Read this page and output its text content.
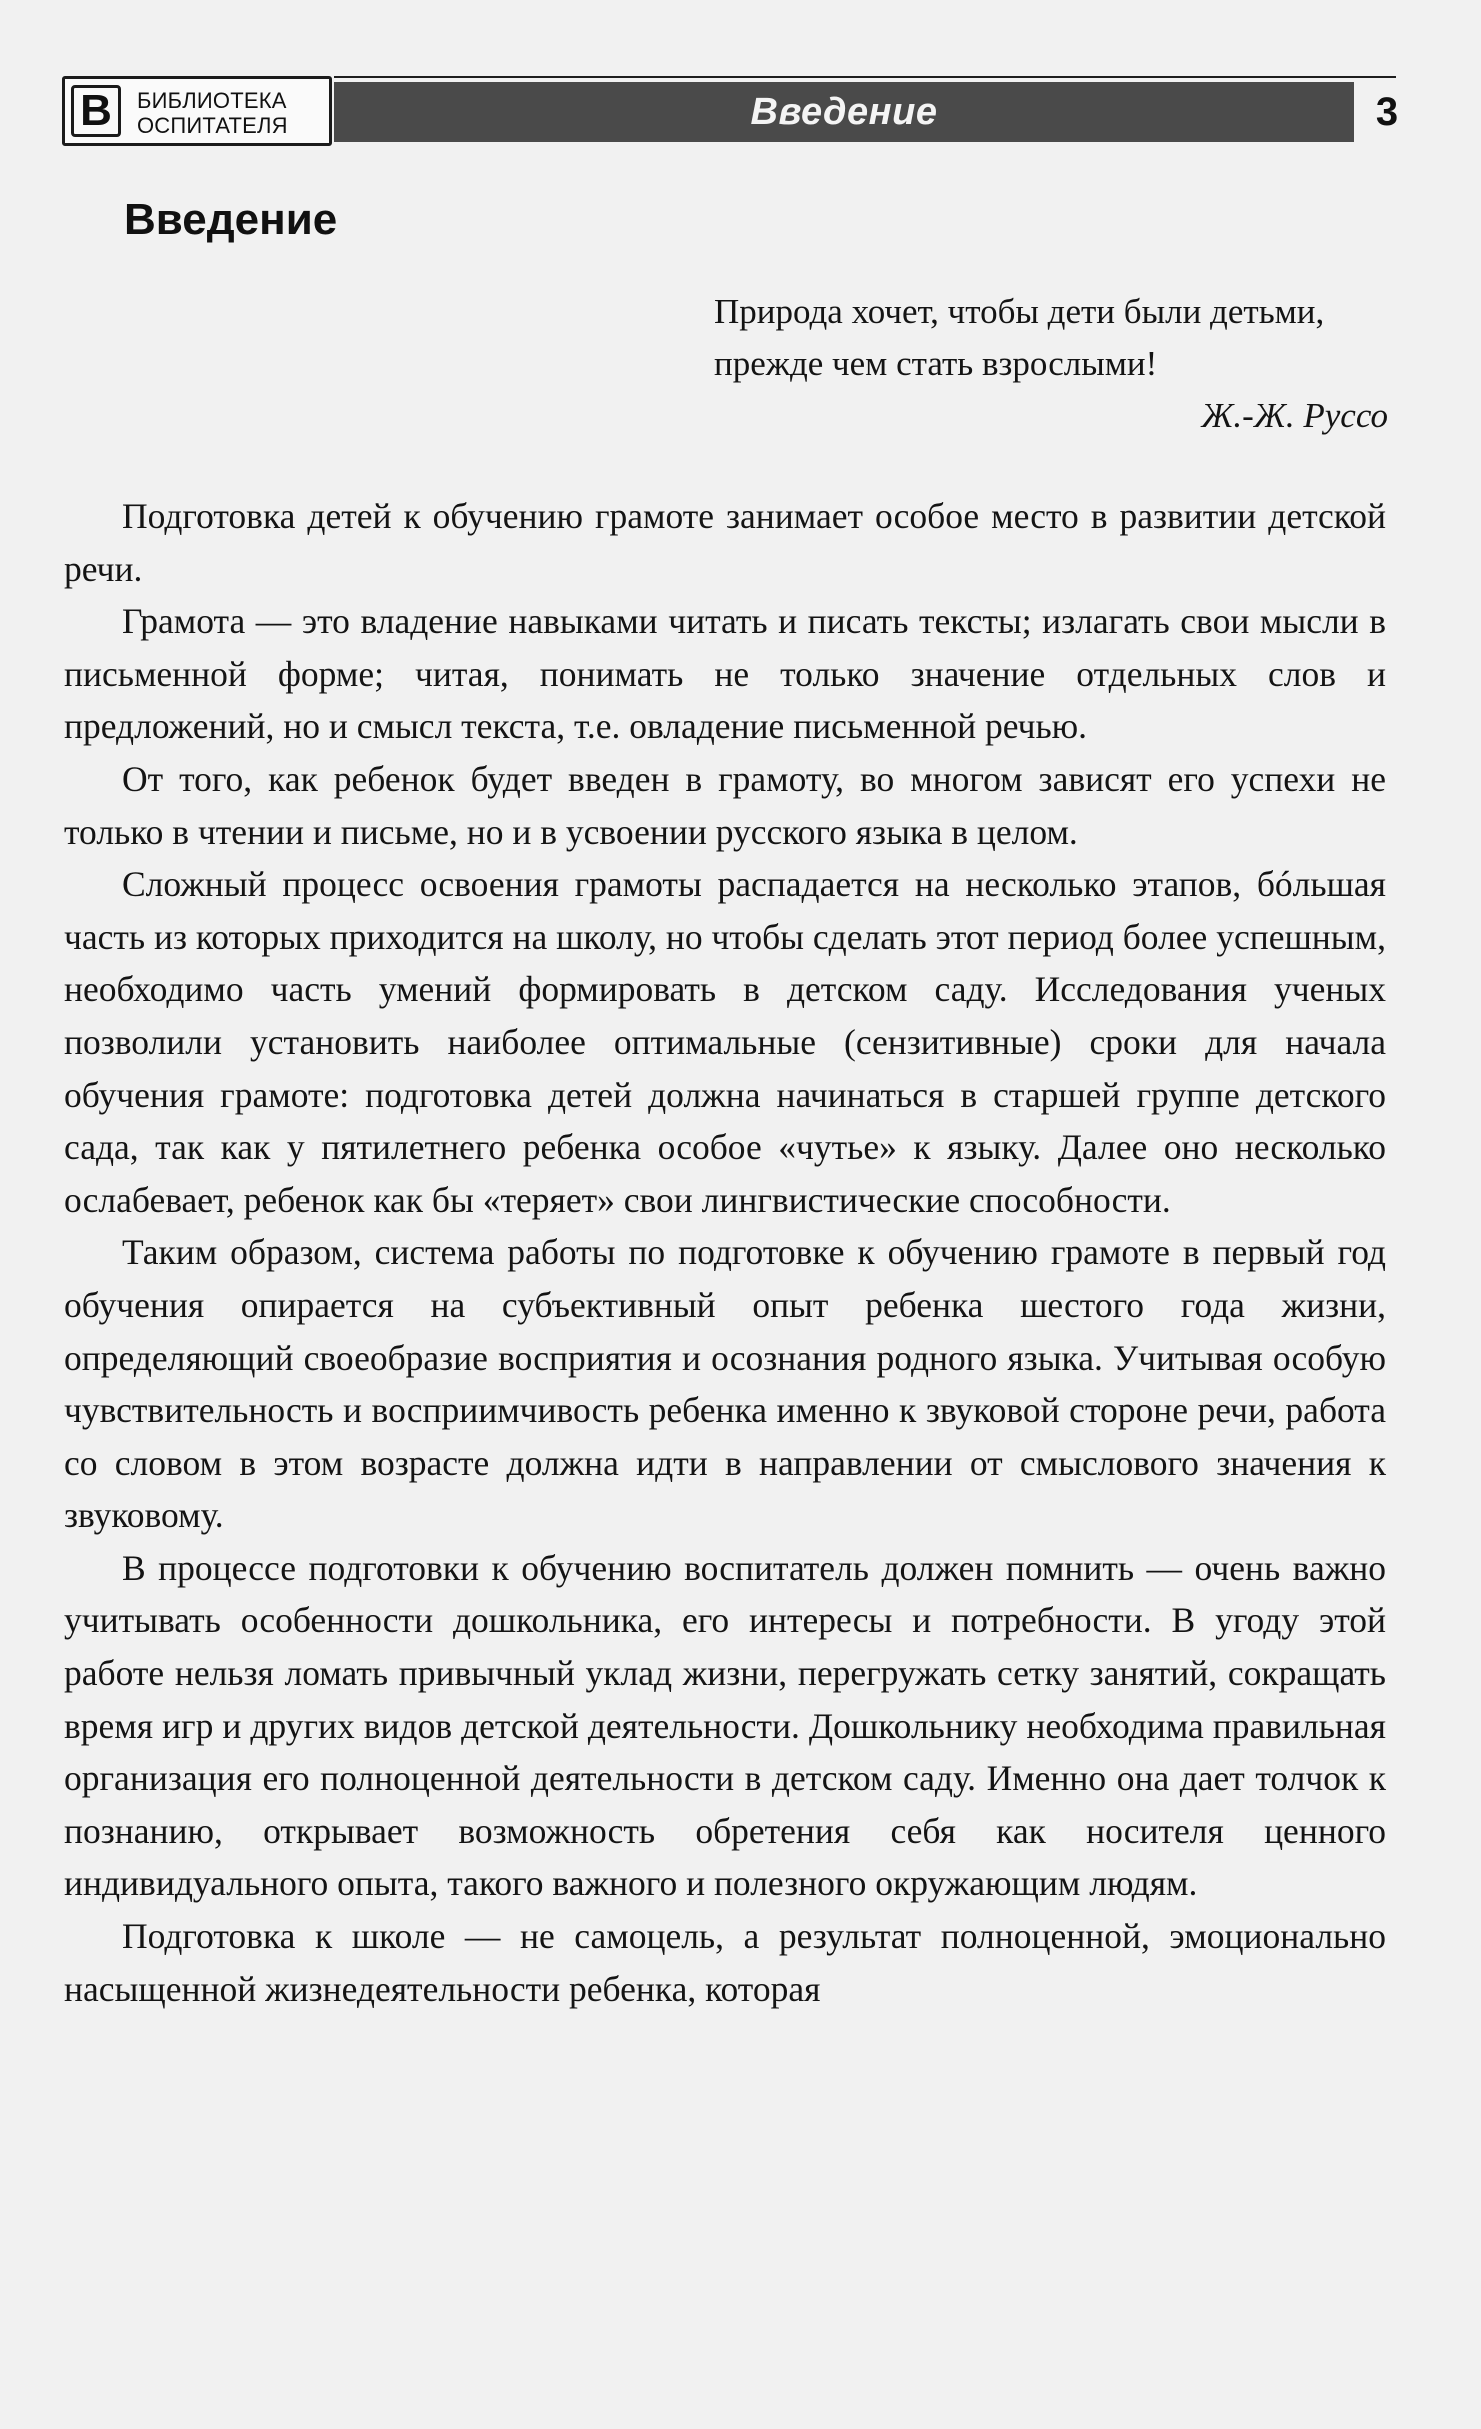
В	БИБЛИОТЕКА
ОСПИТАТЕЛЯ	Введение	3
Введение
Природа хочет, чтобы дети были детьми,
прежде чем стать взрослыми!
Ж.-Ж. Руссо

Подготовка детей к обучению грамоте занимает особое место в развитии детской речи.

Грамота — это владение навыками читать и писать тексты; излагать свои мысли в письменной форме; читая, понимать не только значение отдельных слов и предложений, но и смысл текста, т.е. овладение письменной речью.

От того, как ребенок будет введен в грамоту, во многом зависят его успехи не только в чтении и письме, но и в усвоении русского языка в целом.

Сложный процесс освоения грамоты распадается на несколько этапов, бóльшая часть из которых приходится на школу, но чтобы сделать этот период более успешным, необходимо часть умений формировать в детском саду. Исследования ученых позволили установить наиболее оптимальные (сензитивные) сроки для начала обучения грамоте: подготовка детей должна начинаться в старшей группе детского сада, так как у пятилетнего ребенка особое «чутье» к языку. Далее оно несколько ослабевает, ребенок как бы «теряет» свои лингвистические способности.

Таким образом, система работы по подготовке к обучению грамоте в первый год обучения опирается на субъективный опыт ребенка шестого года жизни, определяющий своеобразие восприятия и осознания родного языка. Учитывая особую чувствительность и восприимчивость ребенка именно к звуковой стороне речи, работа со словом в этом возрасте должна идти в направлении от смыслового значения к звуковому.

В процессе подготовки к обучению воспитатель должен помнить — очень важно учитывать особенности дошкольника, его интересы и потребности. В угоду этой работе нельзя ломать привычный уклад жизни, перегружать сетку занятий, сокращать время игр и других видов детской деятельности. Дошкольнику необходима правильная организация его полноценной деятельности в детском саду. Именно она дает толчок к познанию, открывает возможность обретения себя как носителя ценного индивидуального опыта, такого важного и полезного окружающим людям.

Подготовка к школе — не самоцель, а результат полноценной, эмоционально насыщенной жизнедеятельности ребенка, которая
